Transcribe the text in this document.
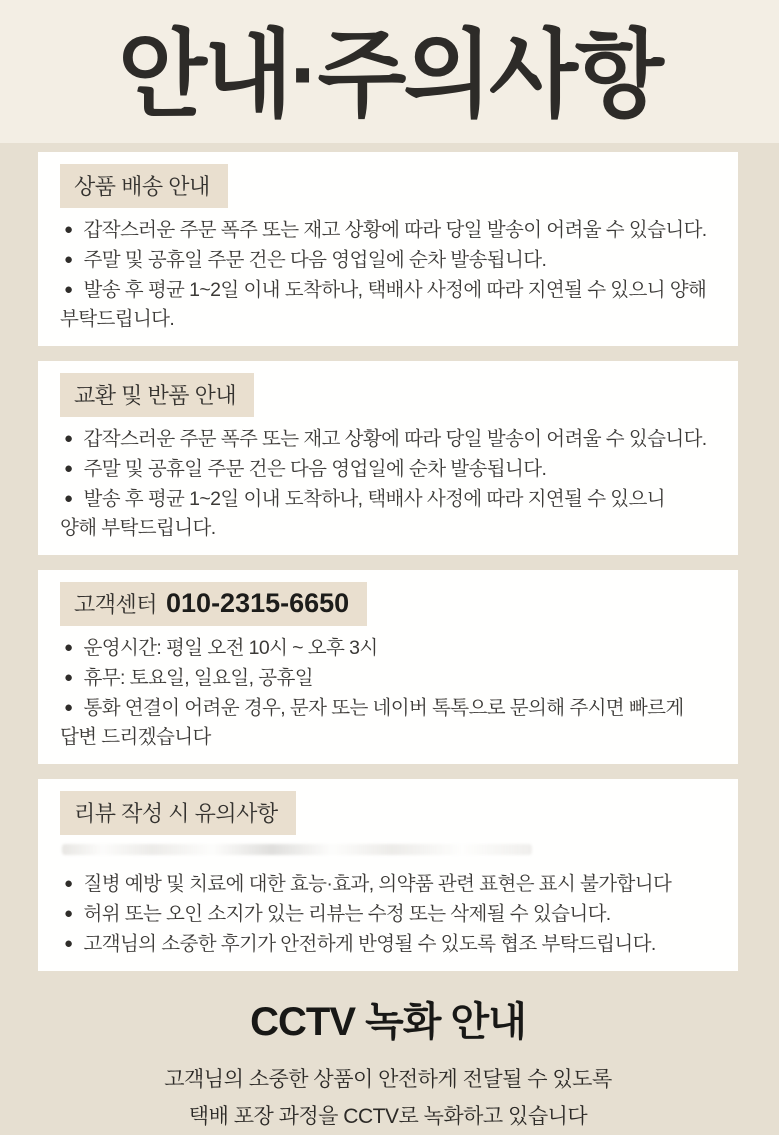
안내·주의사항
상품 배송 안내
● 갑작스러운 주문 폭주 또는 재고 상황에 따라 당일 발송이 어려울 수 있습니다.
● 주말 및 공휴일 주문 건은 다음 영업일에 순차 발송됩니다.
● 발송 후 평균 1~2일 이내 도착하나, 택배사 사정에 따라 지연될 수 있으니 양해
부탁드립니다.
교환 및 반품 안내
● 갑작스러운 주문 폭주 또는 재고 상황에 따라 당일 발송이 어려울 수 있습니다.
● 주말 및 공휴일 주문 건은 다음 영업일에 순차 발송됩니다.
● 발송 후 평균 1~2일 이내 도착하나, 택배사 사정에 따라 지연될 수 있으니
양해 부탁드립니다.
고객센터 010-2315-6650
● 운영시간: 평일 오전 10시 ~ 오후 3시
● 휴무: 토요일, 일요일, 공휴일
● 통화 연결이 어려운 경우, 문자 또는 네이버 톡톡으로 문의해 주시면 빠르게
답변 드리겠습니다
리뷰 작성 시 유의사항
● 질병 예방 및 치료에 대한 효능·효과, 의약품 관련 표현은 표시 불가합니다
● 허위 또는 오인 소지가 있는 리뷰는 수정 또는 삭제될 수 있습니다.
● 고객님의 소중한 후기가 안전하게 반영될 수 있도록 협조 부탁드립니다.
CCTV 녹화 안내
고객님의 소중한 상품이 안전하게 전달될 수 있도록
택배 포장 과정을 CCTV로 녹화하고 있습니다
